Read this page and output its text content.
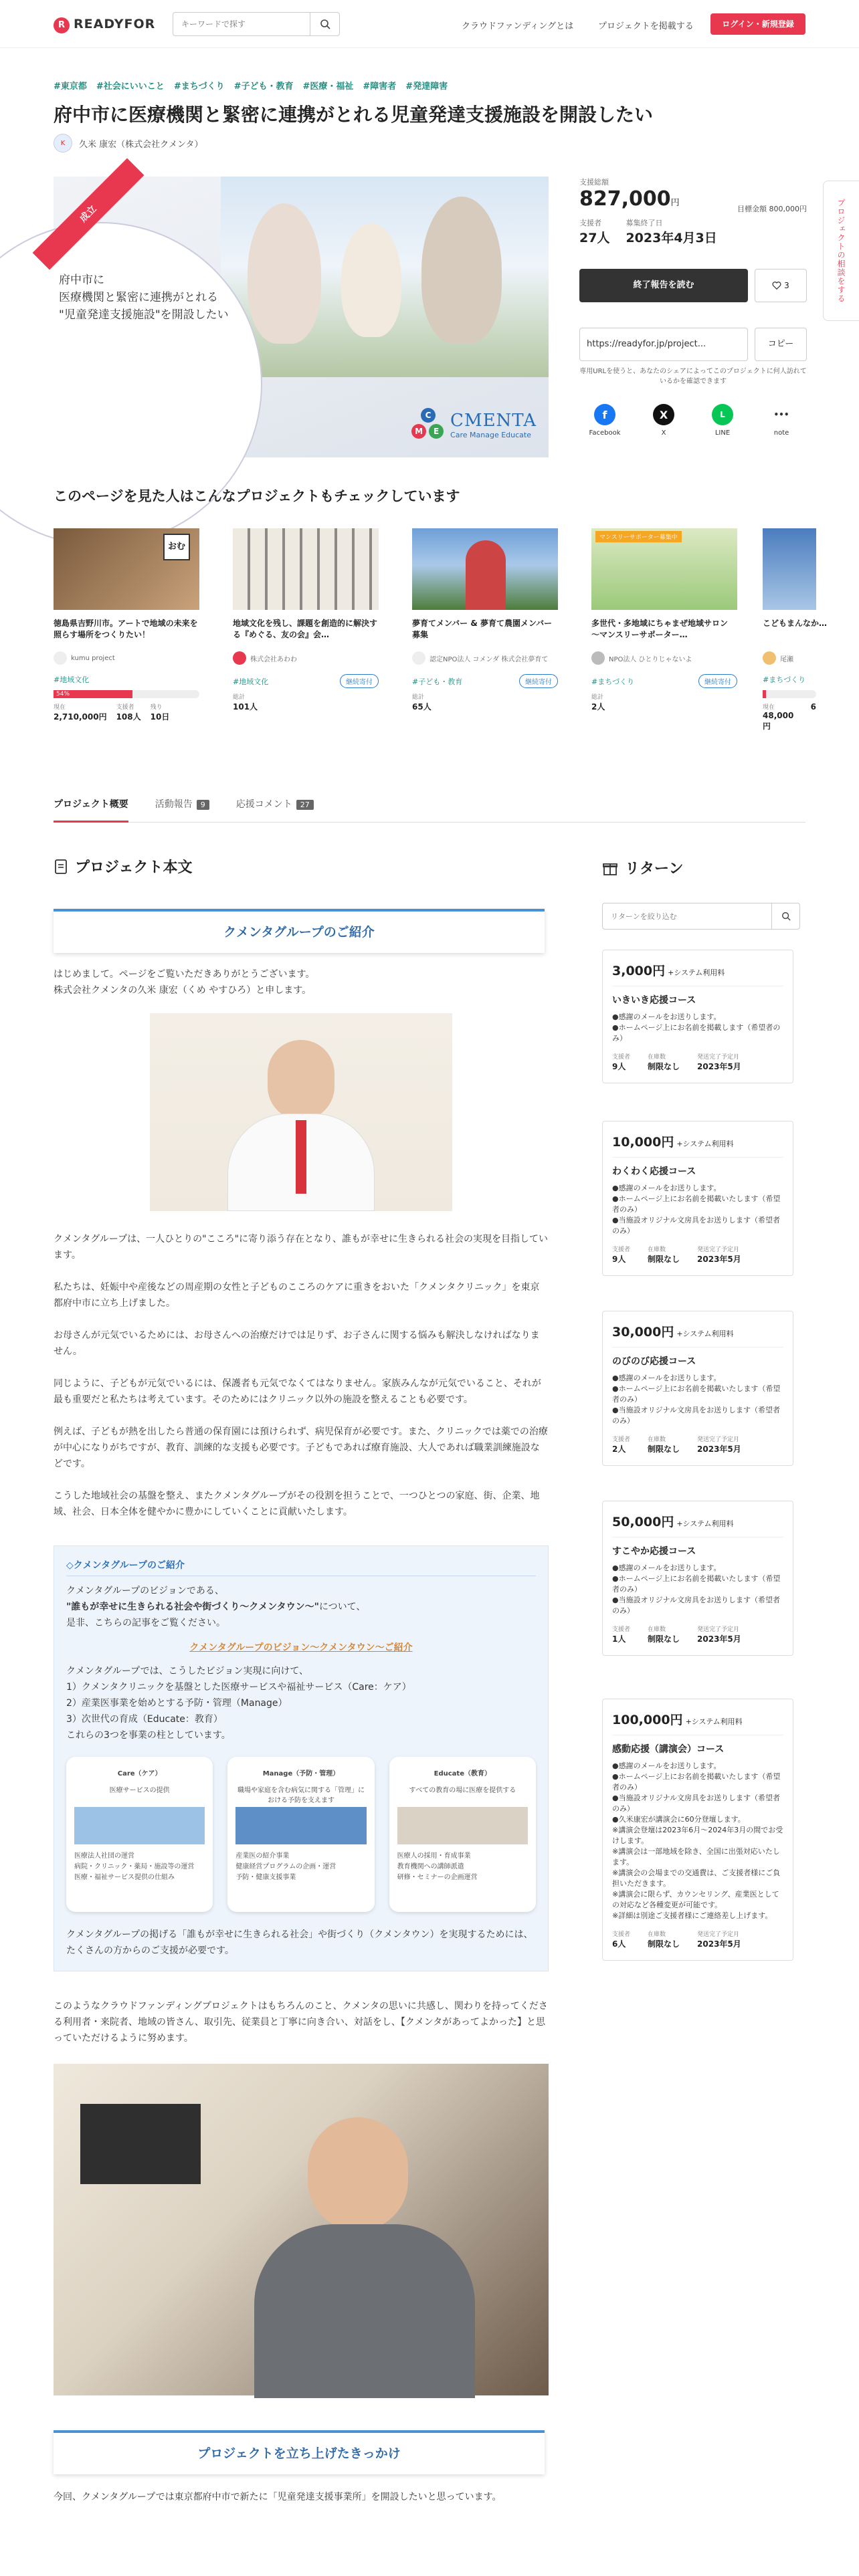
R READYFOR
キーワードで探す	クラウドファンディングとは	プロジェクトを掲載する	ログイン・新規登録
プロジェクトの相談をする
#東京都 #社会にいいこと #まちづくり #子ども・教育 #医療・福祉 #障害者 #発達障害
府中市に医療機関と緊密に連携がとれる児童発達支援施設を開設したい
K	久米 康宏（株式会社クメンタ）
府中市に
医療機関と緊密に連携がとれる
"児童発達支援施設"を開設したい
成立
C
M	E
CMENTA
Care Manage Educate
支援総額
827,000円
目標金額 800,000円
支援者
27人
募集終了日
2023年4月3日
終了報告を読む	3
https://readyfor.jp/project...	コピー
専用URLを使うと、あなたのシェアによってこのプロジェクトに何人訪れているかを確認できます
f
Facebook
X
X
L
LINE
•••
note
このページを見た人はこんなプロジェクトもチェックしています
おむ
徳島県吉野川市。アートで地域の未来を照らす場所をつくりたい！
kumu project
#地域文化
54%
現在
2,710,000円
支援者
108人
残り
10日
地域文化を残し、課題を創造的に解決する『めぐる、友の会』会…
株式会社あわわ
#地域文化	継続寄付
総計
101人
夢育てメンバー & 夢育て農園メンバー 募集
認定NPO法人 コメンダ 株式会社夢育て
#子ども・教育	継続寄付
総計
65人
マンスリーサポーター募集中
多世代・多地域にちゃまぜ地域サロン ～マンスリーサポーター…
NPO法人 ひとりじゃないよ
#まちづくり	継続寄付
総計
2人
こどもまんなか…
尾瀬
#まちづくり
現在
48,000円
6
プロジェクト概要	活動報告 9	応援コメント 27
プロジェクト本文
クメンタグループのご紹介
はじめまして。ページをご覧いただきありがとうございます。
株式会社クメンタの久米 康宏（くめ やすひろ）と申します。
クメンタグループは、一人ひとりの"こころ"に寄り添う存在となり、誰もが幸せに生きられる社会の実現を目指しています。
私たちは、妊娠中や産後などの周産期の女性と子どものこころのケアに重きをおいた「クメンタクリニック」を東京都府中市に立ち上げました。
お母さんが元気でいるためには、お母さんへの治療だけでは足りず、お子さんに関する悩みも解決しなければなりません。
同じように、子どもが元気でいるには、保護者も元気でなくてはなりません。家族みんなが元気でいること、それが最も重要だと私たちは考えています。そのためにはクリニック以外の施設を整えることも必要です。
例えば、子どもが熱を出したら普通の保育園には預けられず、病児保育が必要です。また、クリニックでは薬での治療が中心になりがちですが、教育、訓練的な支援も必要です。子どもであれば療育施設、大人であれば職業訓練施設などです。
こうした地域社会の基盤を整え、またクメンタグループがその役割を担うことで、一つひとつの家庭、街、企業、地域、社会、日本全体を健やかに豊かにしていくことに貢献いたします。
◇クメンタグループのご紹介
クメンタグループのビジョンである、
"誰もが幸せに生きられる社会や街づくり〜クメンタウン〜"について、
是非、こちらの記事をご覧ください。
クメンタグループのビジョン〜クメンタウン〜ご紹介
クメンタグループでは、こうしたビジョン実現に向けて、
1）クメンタクリニックを基盤とした医療サービスや福祉サービス（Care：ケア）
2）産業医事業を始めとする予防・管理（Manage）
3）次世代の育成（Educate：教育）
これらの3つを事業の柱としています。
Care（ケア）
医療サービスの提供
医療法人社団の運営
病院・クリニック・薬局・施設等の運営
医療・福祉サービス提供の仕組み
Manage（予防・管理）
職場や家庭を含む病気に関する「管理」における予防を支えます
産業医の紹介事業
健康経営プログラムの企画・運営
予防・健康支援事業
Educate（教育）
すべての教育の場に医療を提供する
医療人の採用・育成事業
教育機関への講師派遣
研修・セミナーの企画運営
クメンタグループの掲げる「誰もが幸せに生きられる社会」や街づくり（クメンタウン）を実現するためには、たくさんの方からのご支援が必要です。
このようなクラウドファンディングプロジェクトはもちろんのこと、クメンタの思いに共感し、関わりを持ってくださる利用者・来院者、地域の皆さん、取引先、従業員と丁寧に向き合い、対話をし、【クメンタがあってよかった】と思っていただけるように努めます。
プロジェクトを立ち上げたきっかけ
今回、クメンタグループでは東京都府中市で新たに「児童発達支援事業所」を開設したいと思っています。
リターン
リターンを絞り込む
3,000円 +システム利用料
いきいき応援コース
●感謝のメールをお送りします。
●ホームページ上にお名前を掲載します（希望者のみ）
支援者
9人
在庫数
制限なし
発送完了予定月
2023年5月
10,000円 +システム利用料
わくわく応援コース
●感謝のメールをお送りします。
●ホームページ上にお名前を掲載いたします（希望者のみ）
●当施設オリジナル文房具をお送りします（希望者のみ）
支援者
9人
在庫数
制限なし
発送完了予定月
2023年5月
30,000円 +システム利用料
のびのび応援コース
●感謝のメールをお送りします。
●ホームページ上にお名前を掲載いたします（希望者のみ）
●当施設オリジナル文房具をお送りします（希望者のみ）
支援者
2人
在庫数
制限なし
発送完了予定月
2023年5月
50,000円 +システム利用料
すこやか応援コース
●感謝のメールをお送りします。
●ホームページ上にお名前を掲載いたします（希望者のみ）
●当施設オリジナル文房具をお送りします（希望者のみ）
支援者
1人
在庫数
制限なし
発送完了予定月
2023年5月
100,000円 +システム利用料
感動応援（講演会）コース
●感謝のメールをお送りします。
●ホームページ上にお名前を掲載いたします（希望者のみ）
●当施設オリジナル文房具をお送りします（希望者のみ）
●久米康宏が講演会に60分登壇します。
※講演会登壇は2023年6月〜2024年3月の間でお受けします。
※講演会は一部地域を除き、全国に出張対応いたします。
※講演会の会場までの交通費は、ご支援者様にご負担いただきます。
※講演会に限らず、カウンセリング、産業医としての対応など各種変更が可能です。
※詳細は別途ご支援者様にご連絡差し上げます。
支援者
6人
在庫数
制限なし
発送完了予定月
2023年5月
